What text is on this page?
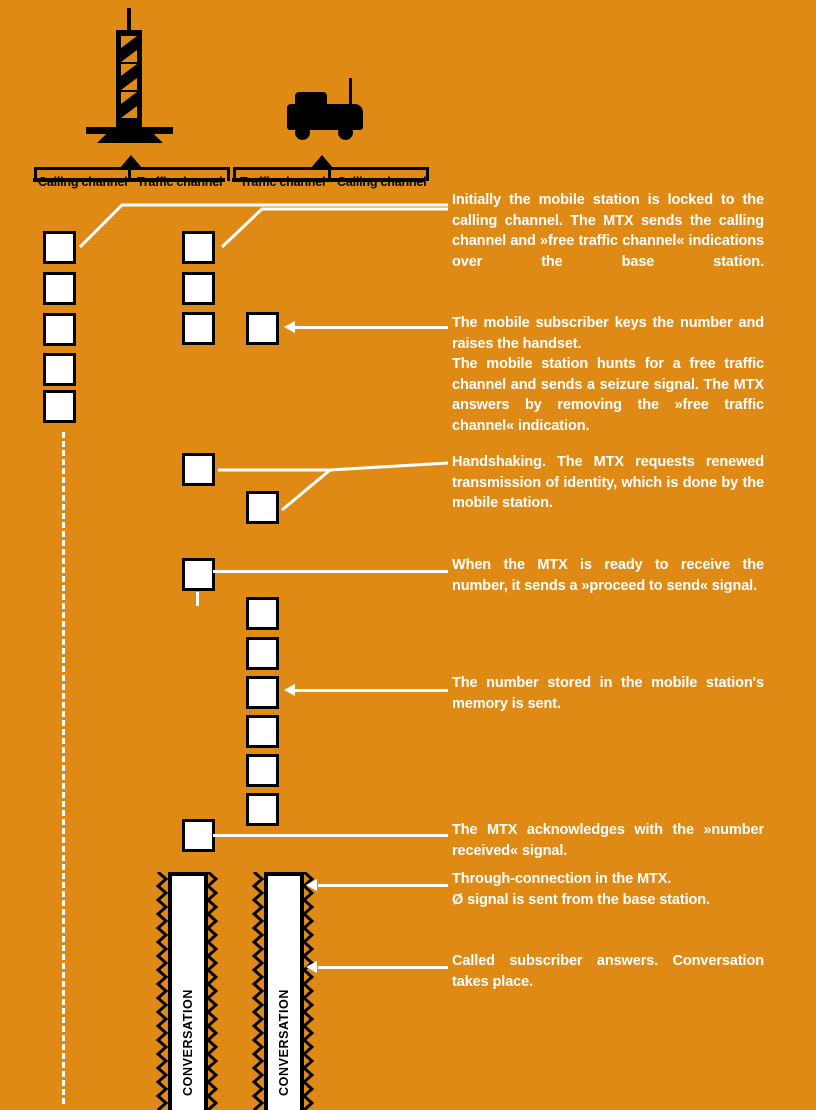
Calling channel Traffic channel Traffic channel Calling channel
CONVERSATION	CONVERSATION

Initially the mobile station is locked to the calling channel. The MTX sends the calling channel and »free traffic channel« indications over the base station.

The mobile subscriber keys the number and raises the handset.

The mobile station hunts for a free traffic channel and sends a seizure signal. The MTX answers by removing the »free traffic channel« indication.

Handshaking. The MTX requests renewed transmission of identity, which is done by the mobile station.

When the MTX is ready to receive the number, it sends a »proceed to send« signal.

The number stored in the mobile station's memory is sent.

The MTX acknowledges with the »number received« signal.

Through-connection in the MTX.

Ø signal is sent from the base station.

Called subscriber answers. Conversation takes place.
